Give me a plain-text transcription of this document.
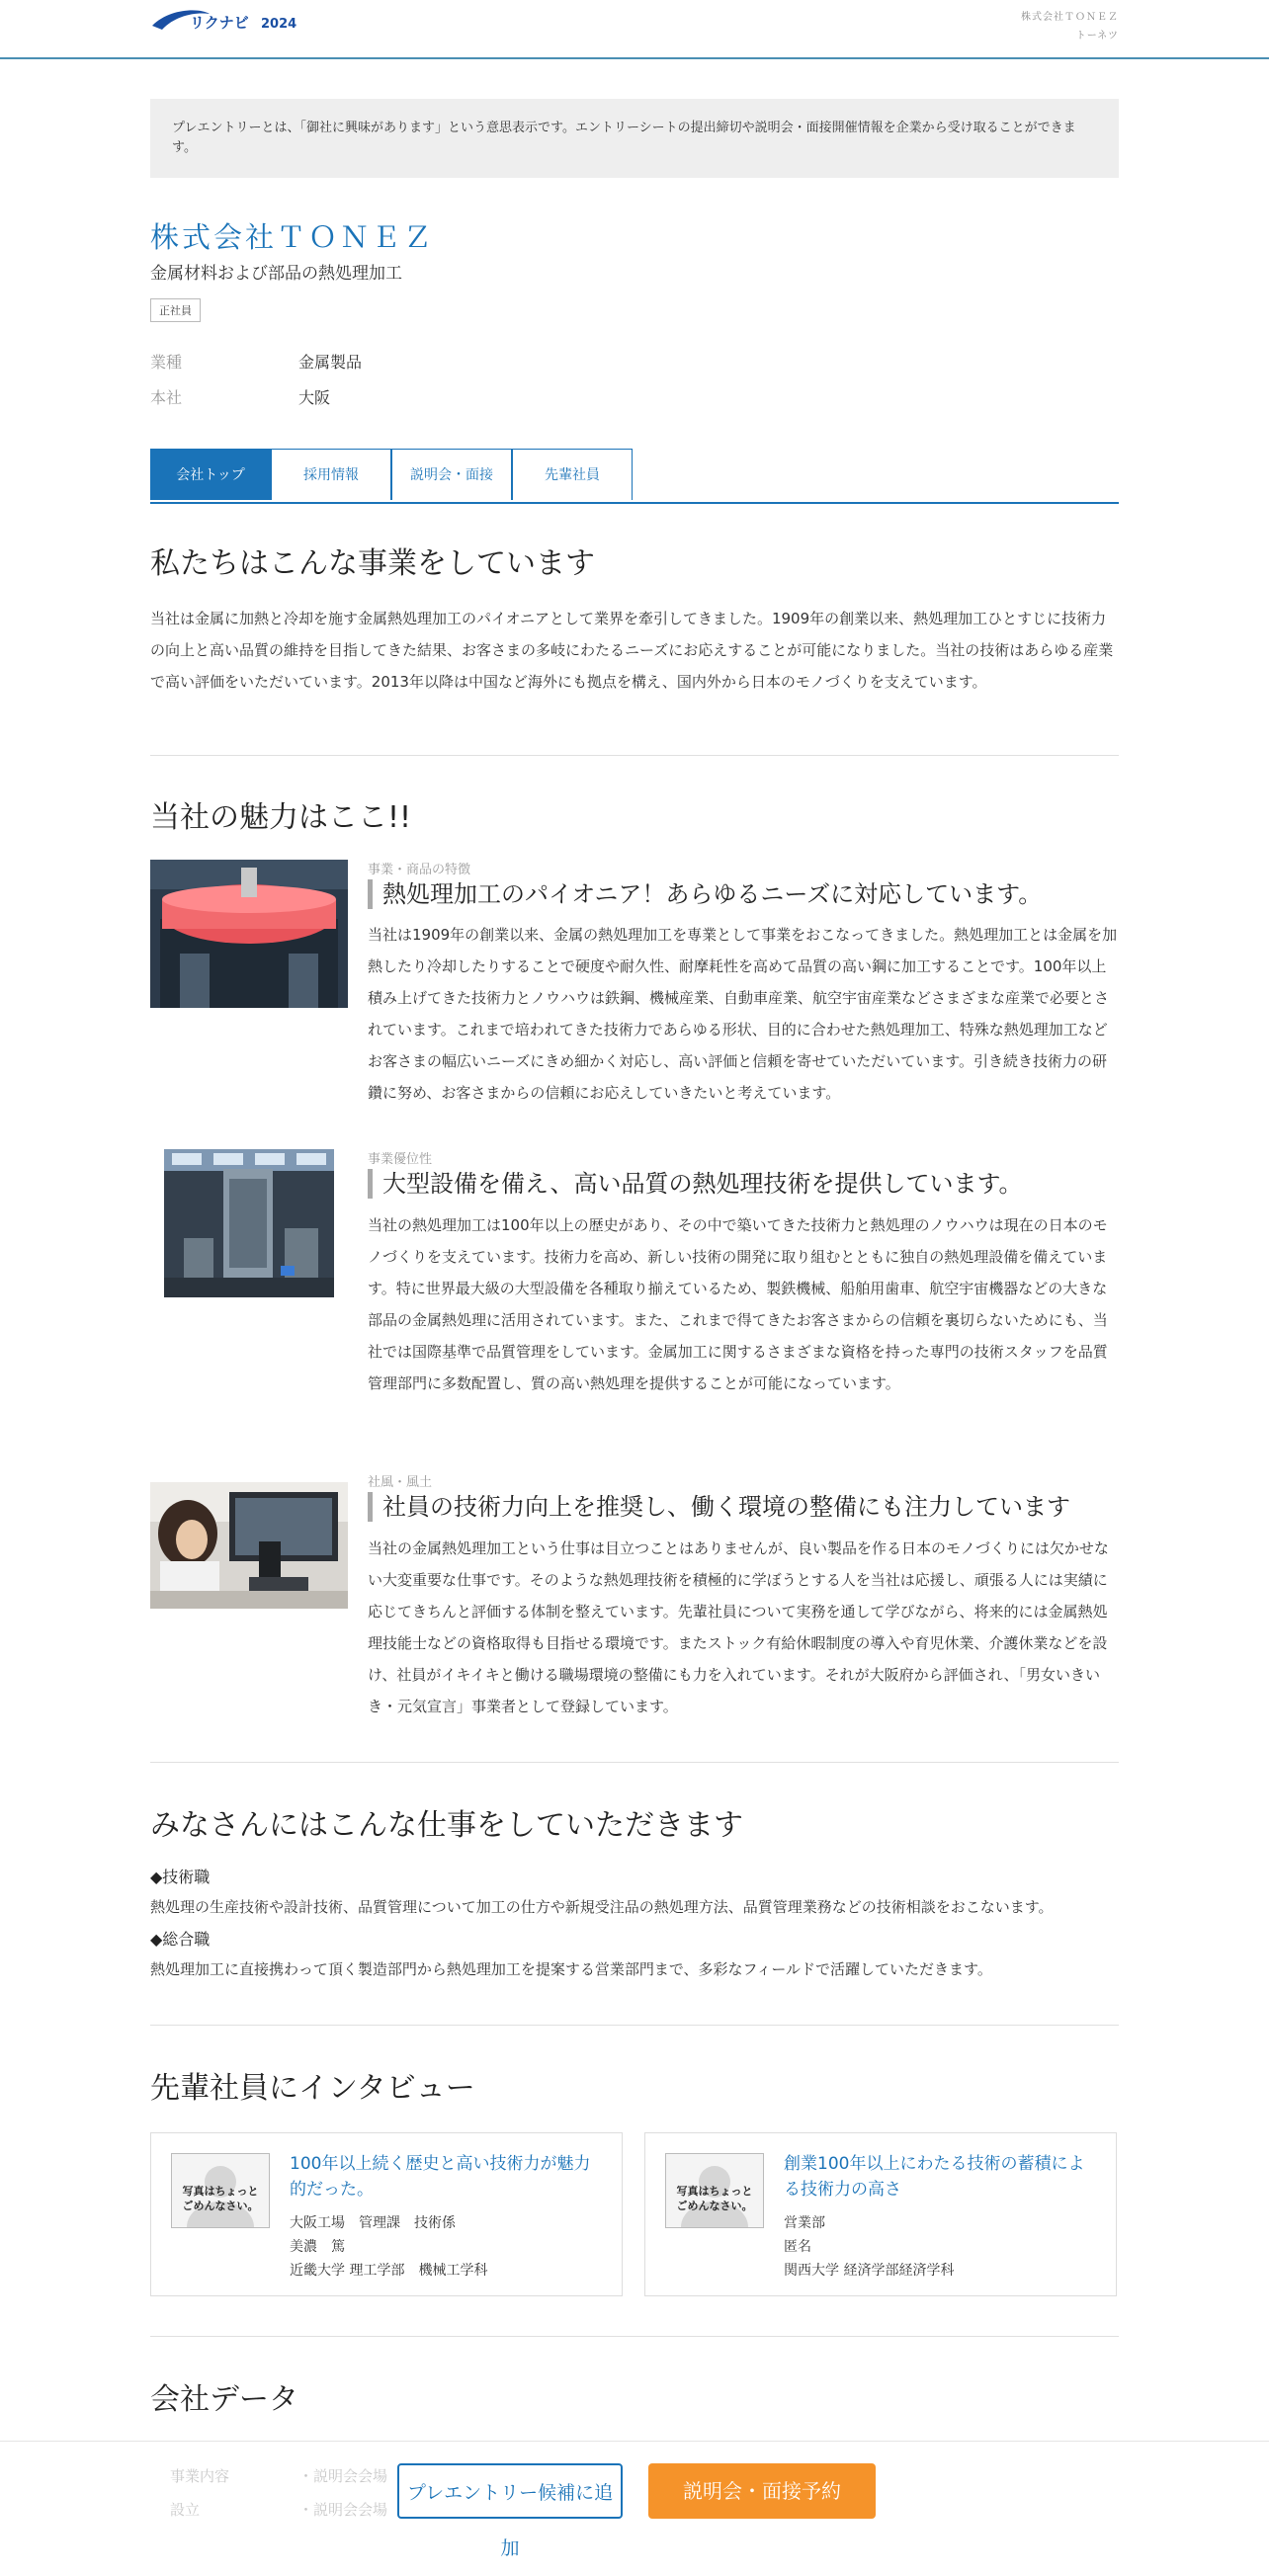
リクナビ 2024	株式会社ＴＯＮＥＺ
トーネツ
プレエントリーとは、「御社に興味があります」という意思表示です。エントリーシートの提出締切や説明会・面接開催情報を企業から受け取ることができます。
株式会社ＴＯＮＥＺ
金属材料および部品の熱処理加工
正社員
業種	金属製品
本社	大阪
会社トップ	採用情報	説明会・面接	先輩社員
私たちはこんな事業をしています
当社は金属に加熱と冷却を施す金属熱処理加工のパイオニアとして業界を牽引してきました。1909年の創業以来、熱処理加工ひとすじに技術力の向上と高い品質の維持を目指してきた結果、お客さまの多岐にわたるニーズにお応えすることが可能になりました。当社の技術はあらゆる産業で高い評価をいただいています。2013年以降は中国など海外にも拠点を構え、国内外から日本のモノづくりを支えています。
当社の魅力はここ!!
事業・商品の特徴
熱処理加工のパイオニア！あらゆるニーズに対応しています。
当社は1909年の創業以来、金属の熱処理加工を専業として事業をおこなってきました。熱処理加工とは金属を加熱したり冷却したりすることで硬度や耐久性、耐摩耗性を高めて品質の高い鋼に加工することです。100年以上積み上げてきた技術力とノウハウは鉄鋼、機械産業、自動車産業、航空宇宙産業などさまざまな産業で必要とされています。これまで培われてきた技術力であらゆる形状、目的に合わせた熱処理加工、特殊な熱処理加工などお客さまの幅広いニーズにきめ細かく対応し、高い評価と信頼を寄せていただいています。引き続き技術力の研鑽に努め、お客さまからの信頼にお応えしていきたいと考えています。
事業優位性
大型設備を備え、高い品質の熱処理技術を提供しています。
当社の熱処理加工は100年以上の歴史があり、その中で築いてきた技術力と熱処理のノウハウは現在の日本のモノづくりを支えています。技術力を高め、新しい技術の開発に取り組むとともに独自の熱処理設備を備えています。特に世界最大級の大型設備を各種取り揃えているため、製鉄機械、船舶用歯車、航空宇宙機器などの大きな部品の金属熱処理に活用されています。また、これまで得てきたお客さまからの信頼を裏切らないためにも、当社では国際基準で品質管理をしています。金属加工に関するさまざまな資格を持った専門の技術スタッフを品質管理部門に多数配置し、質の高い熱処理を提供することが可能になっています。
社風・風土
社員の技術力向上を推奨し、働く環境の整備にも注力しています
当社の金属熱処理加工という仕事は目立つことはありませんが、良い製品を作る日本のモノづくりには欠かせない大変重要な仕事です。そのような熱処理技術を積極的に学ぼうとする人を当社は応援し、頑張る人には実績に応じてきちんと評価する体制を整えています。先輩社員について実務を通して学びながら、将来的には金属熱処理技能士などの資格取得も目指せる環境です。またストック有給休暇制度の導入や育児休業、介護休業などを設け、社員がイキイキと働ける職場環境の整備にも力を入れています。それが大阪府から評価され、「男女いきいき・元気宣言」事業者として登録しています。
みなさんにはこんな仕事をしていただきます
◆技術職
熱処理の生産技術や設計技術、品質管理について加工の仕方や新規受注品の熱処理方法、品質管理業務などの技術相談をおこないます。
◆総合職
熱処理加工に直接携わって頂く製造部門から熱処理加工を提案する営業部門まで、多彩なフィールドで活躍していただきます。
先輩社員にインタビュー
写真はちょっと
ごめんなさい。
100年以上続く歴史と高い技術力が魅力的だった。
大阪工場　管理課　技術係
美濃　篤
近畿大学 理工学部　機械工学科
写真はちょっと
ごめんなさい。
創業100年以上にわたる技術の蓄積による技術力の高さ
営業部
匿名
関西大学 経済学部経済学科
会社データ
事業内容	・説明会会場
設立	・説明会会場
プレエントリー候補に追加
説明会・面接予約
